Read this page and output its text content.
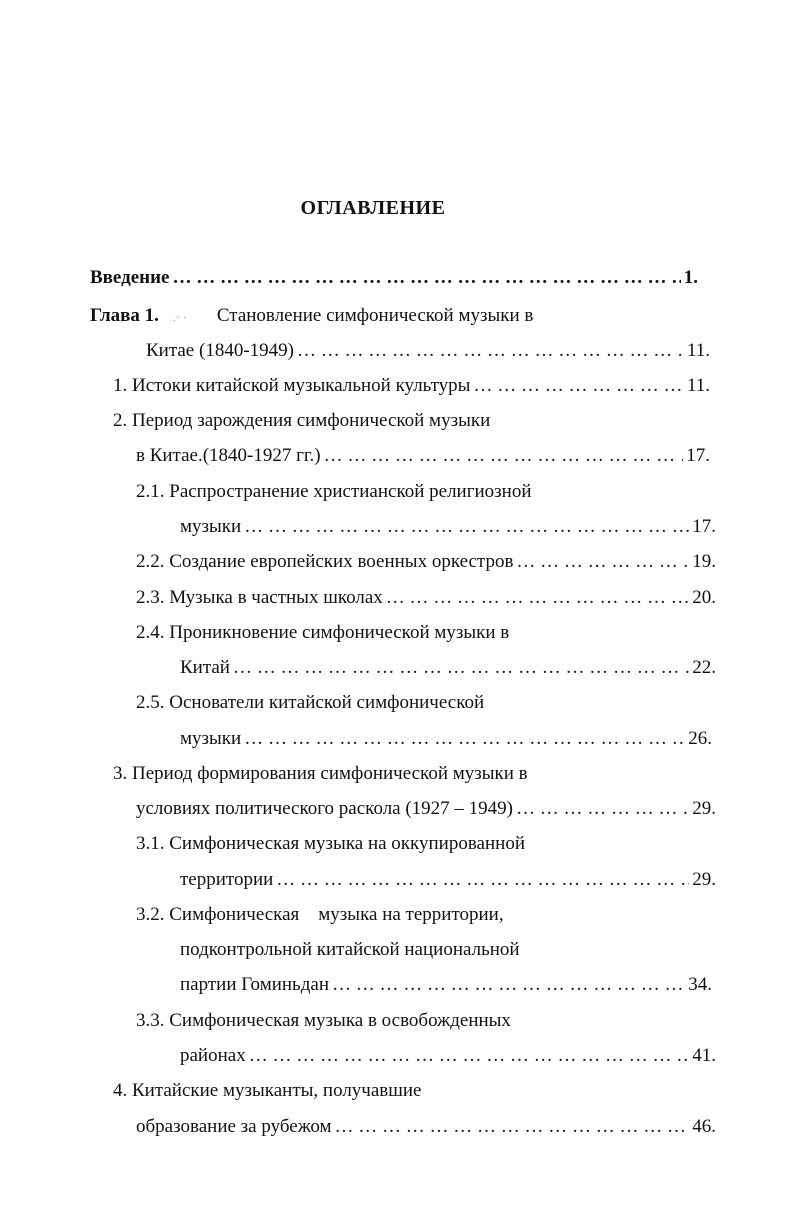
ОГЛАВЛЕНИЕ
Введение … … … … … … … … … … … … … … … … … … … … … … … … … … … … … … … … … … … … … … … … … … … … … … … … … … … … … … … …	1.
Глава 1. .· · Становление симфонической музыки в
Китае (1840-1949) … … … … … … … … … … … … … … … … … … … … … … … … … … … … … … … … … … … … … … … … … … … … … … … … … … … … … … … …	11.
1. Истоки китайской музыкальной культуры … … … … … … … … … … … … … … … … … … … … … … … … … … … … … … … … … … … … … … … … … … … … … … … … … … … … … … … …	11.
2. Период зарождения симфонической музыки
в Китае.(1840-1927 гг.) … … … … … … … … … … … … … … … … … … … … … … … … … … … … … … … … … … … … … … … … … … … … … … … … … … … … … … … …	17.
2.1. Распространение христианской религиозной
музыки … … … … … … … … … … … … … … … … … … … … … … … … … … … … … … … … … … … … … … … … … … … … … … … … … … … … … … … …	17.
2.2. Создание европейских военных оркестров … … … … … … … … … … … … … … … … … … … … … … … … … … … … … … … … … … … … … … … … … … … … … … … … … … … … … … … …	19.
2.3. Музыка в частных школах … … … … … … … … … … … … … … … … … … … … … … … … … … … … … … … … … … … … … … … … … … … … … … … … … … … … … … … …	20.
2.4. Проникновение симфонической музыки в
Китай … … … … … … … … … … … … … … … … … … … … … … … … … … … … … … … … … … … … … … … … … … … … … … … … … … … … … … … …	22.
2.5. Основатели китайской симфонической
музыки … … … … … … … … … … … … … … … … … … … … … … … … … … … … … … … … … … … … … … … … … … … … … … … … … … … … … … … …	26.
3. Период формирования симфонической музыки в
условиях политического раскола (1927 – 1949) … … … … … … … … … … … … … … … … … … … … … … … … … … … … … … … … … … … … … … … … … … … … … … … … … … … … … … … …	29.
3.1. Симфоническая музыка на оккупированной
территории … … … … … … … … … … … … … … … … … … … … … … … … … … … … … … … … … … … … … … … … … … … … … … … … … … … … … … … …	29.
3.2. Симфоническая    музыка на территории,
подконтрольной китайской национальной
партии Гоминьдан … … … … … … … … … … … … … … … … … … … … … … … … … … … … … … … … … … … … … … … … … … … … … … … … … … … … … … … …	34.
3.3. Симфоническая музыка в освобожденных
районах … … … … … … … … … … … … … … … … … … … … … … … … … … … … … … … … … … … … … … … … … … … … … … … … … … … … … … … …	41.
4. Китайские музыканты, получавшие
образование за рубежом … … … … … … … … … … … … … … … … … … … … … … … … … … … … … … … … … … … … … … … … … … … … … … … … … … … … … … … …	46.
